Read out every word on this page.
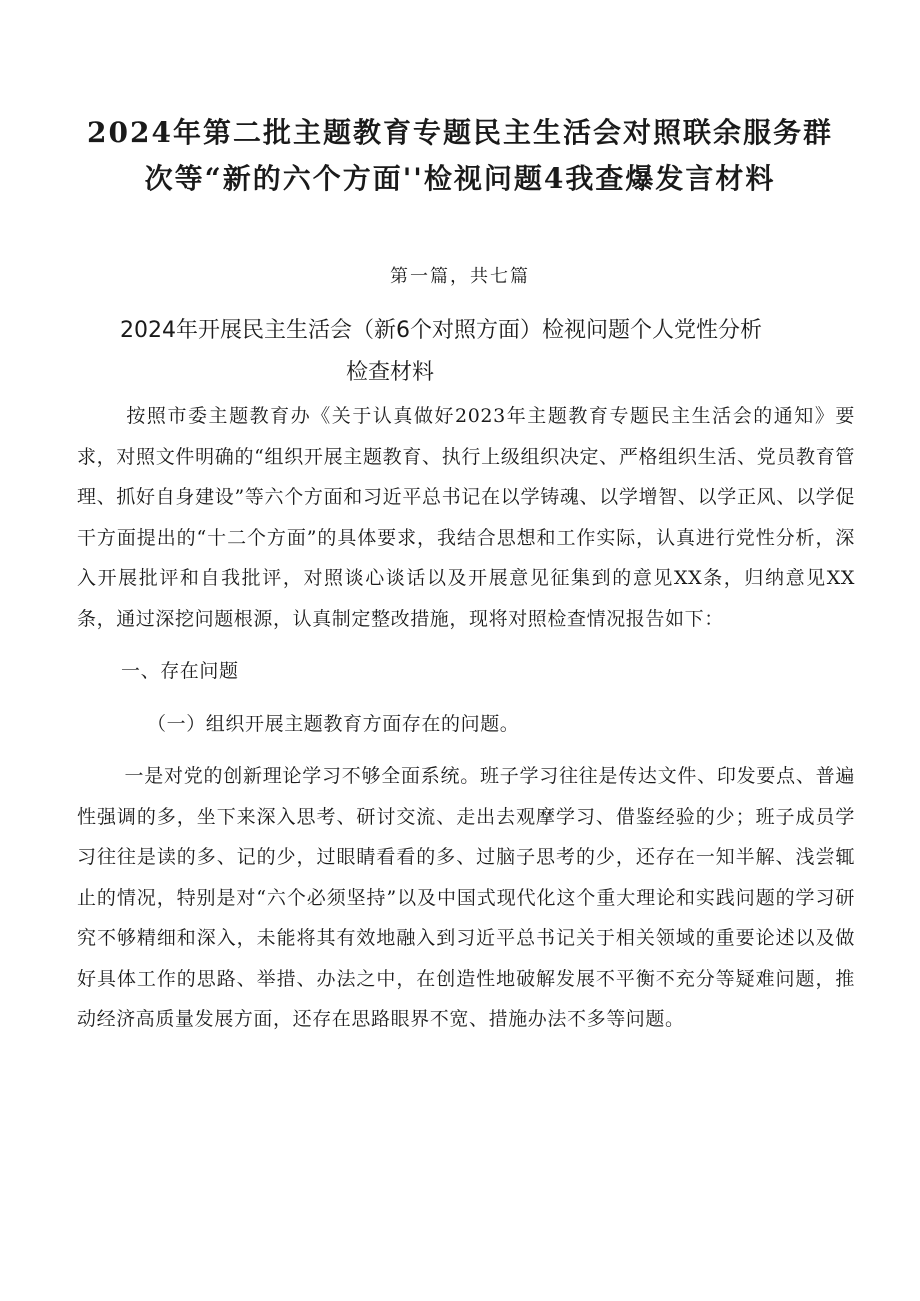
2024年第二批主题教育专题民主生活会对照联余服务群
次等“新的六个方面''检视问题4我查爆发言材料
第一篇，共七篇
2024年开展民主生活会（新6个对照方面）检视问题个人党性分析
检查材料

按照市委主题教育办《关于认真做好2023年主题教育专题民主生活会的通知》要求，对照文件明确的“组织开展主题教育、执行上级组织决定、严格组织生活、党员教育管理、抓好自身建设”等六个方面和习近平总书记在以学铸魂、以学增智、以学正风、以学促干方面提出的“十二个方面”的具体要求，我结合思想和工作实际，认真进行党性分析，深入开展批评和自我批评，对照谈心谈话以及开展意见征集到的意见XX条，归纳意见XX条，通过深挖问题根源，认真制定整改措施，现将对照检查情况报告如下：

一、存在问题

（一）组织开展主题教育方面存在的问题。

一是对党的创新理论学习不够全面系统。班子学习往往是传达文件、印发要点、普遍性强调的多，坐下来深入思考、研讨交流、走出去观摩学习、借鉴经验的少；班子成员学习往往是读的多、记的少，过眼睛看看的多、过脑子思考的少，还存在一知半解、浅尝辄止的情况，特别是对“六个必须坚持”以及中国式现代化这个重大理论和实践问题的学习研究不够精细和深入，未能将其有效地融入到习近平总书记关于相关领域的重要论述以及做好具体工作的思路、举措、办法之中，在创造性地破解发展不平衡不充分等疑难问题，推动经济高质量发展方面，还存在思路眼界不宽、措施办法不多等问题。
